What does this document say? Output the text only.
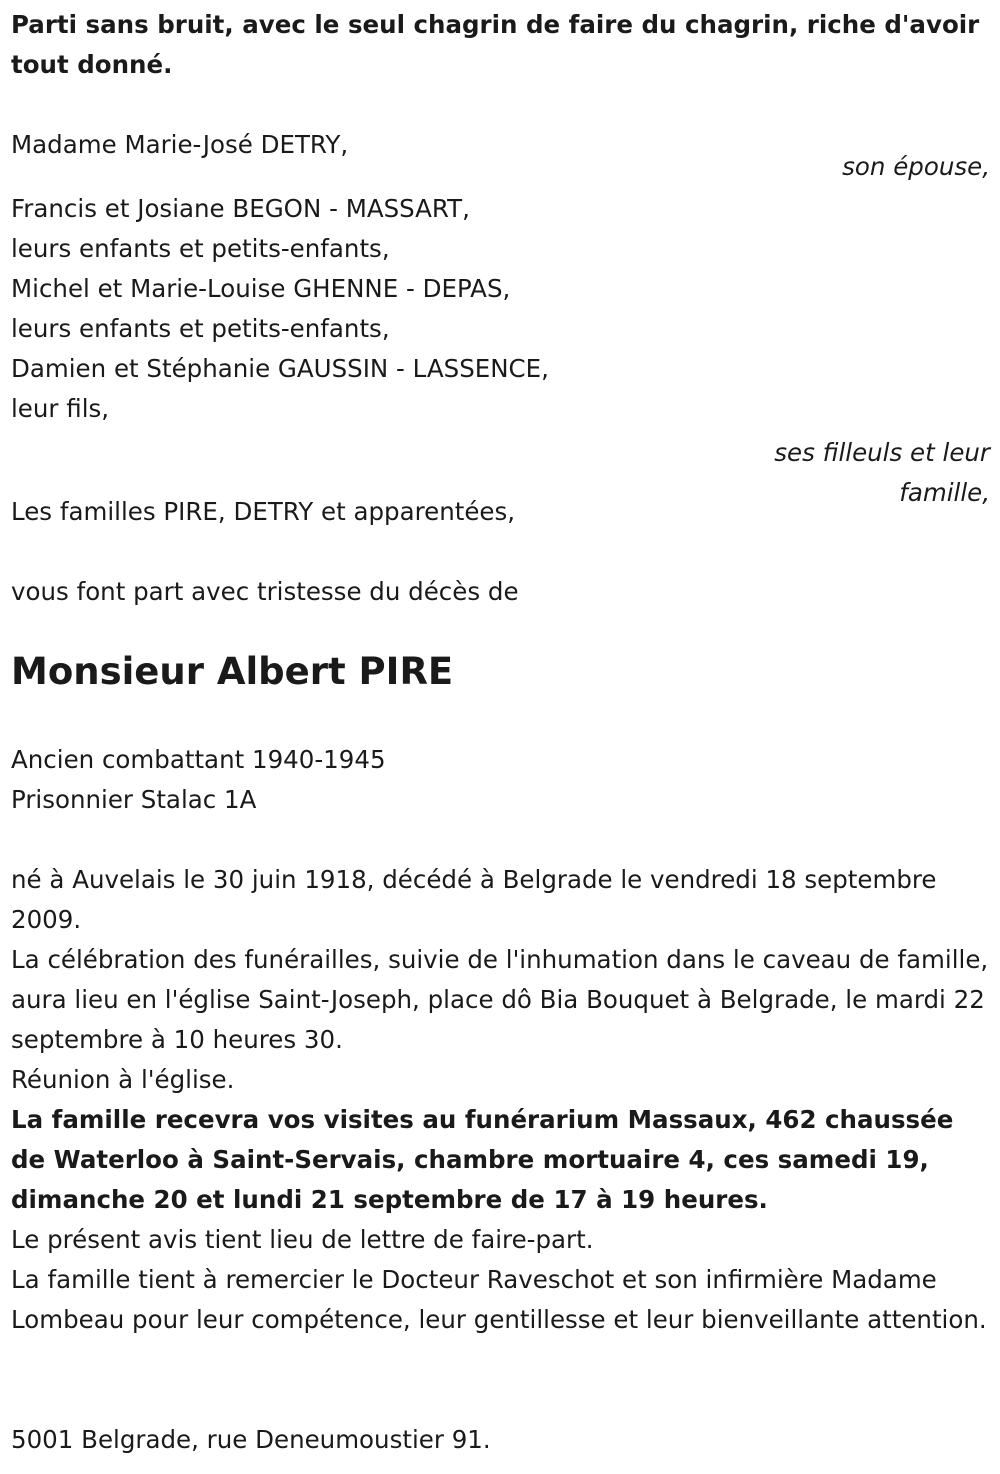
Parti sans bruit, avec le seul chagrin de faire du chagrin, riche d'avoir tout donné.
Madame Marie-José DETRY,
son épouse,
Francis et Josiane BEGON - MASSART,
leurs enfants et petits-enfants,
Michel et Marie-Louise GHENNE - DEPAS,
leurs enfants et petits-enfants,
Damien et Stéphanie GAUSSIN - LASSENCE,
leur fils,
ses filleuls et leur
famille,
Les familles PIRE, DETRY et apparentées,
vous font part avec tristesse du décès de
Monsieur Albert PIRE
Ancien combattant 1940-1945
Prisonnier Stalac 1A
né à Auvelais le 30 juin 1918, décédé à Belgrade le vendredi 18 septembre 2009.
La célébration des funérailles, suivie de l'inhumation dans le caveau de famille, aura lieu en l'église Saint-Joseph, place dô Bia Bouquet à Belgrade, le mardi 22 septembre à 10 heures 30.
Réunion à l'église.
La famille recevra vos visites au funérarium Massaux, 462 chaussée de Waterloo à Saint-Servais, chambre mortuaire 4, ces samedi 19, dimanche 20 et lundi 21 septembre de 17 à 19 heures.
Le présent avis tient lieu de lettre de faire-part.
La famille tient à remercier le Docteur Raveschot et son infirmière Madame Lombeau pour leur compétence, leur gentillesse et leur bienveillante attention.
5001 Belgrade, rue Deneumoustier 91.
